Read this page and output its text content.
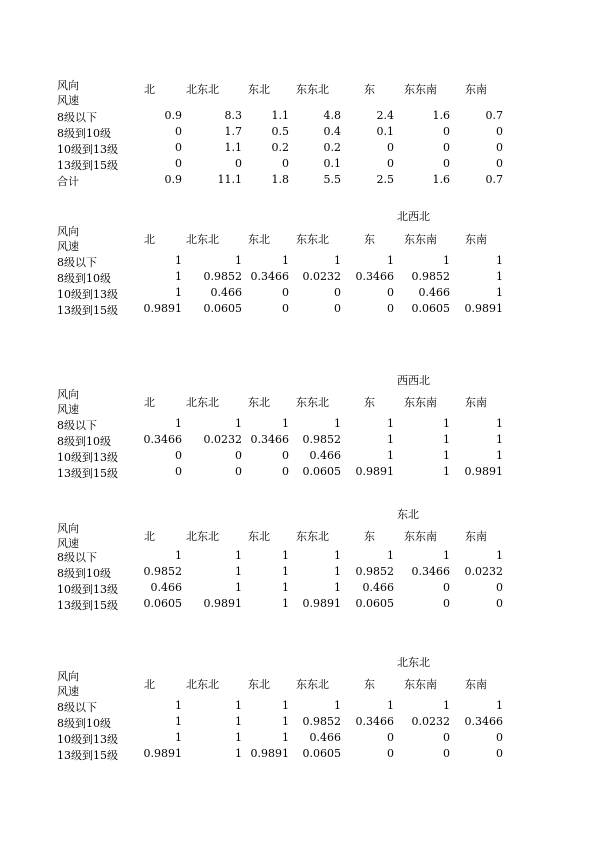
风向
风速
北	北东北	东北 东东北	东	东东南	东南
8级以下	0.9	8.3	1.1	4.8	2.4	1.6	0.7
8级到10级	0	1.7	0.5	0.4	0.1	0	0
10级到13级	0	1.1	0.2	0.2	0	0	0
13级到15级	0	0	0	0.1	0	0	0
合计	0.9	11.1	1.8	5.5	2.5	1.6	0.7
北西北
风向
风速
北	北东北	东北 东东北	东	东东南	东南
8级以下	1	1	1	1	1	1	1
8级到10级	1	0.9852 0.3466	0.0232	0.3466	0.9852	1
10级到13级	1	0.466	0	0	0	0.466	1
13级到15级	0.9891	0.0605	0	0	0	0.0605	0.9891
西西北
风向
风速
北	北东北	东北 东东北	东	东东南	东南
8级以下	1	1	1	1	1	1	1
8级到10级	0.3466	0.0232 0.3466	0.9852	1	1	1
10级到13级	0	0	0	0.466	1	1	1
13级到15级	0	0	0	0.0605	0.9891	1	0.9891
东北
风向
风速
北	北东北	东北 东东北	东	东东南	东南
8级以下	1	1	1	1	1	1	1
8级到10级	0.9852	1	1	1	0.9852	0.3466	0.0232
10级到13级	0.466	1	1	1	0.466	0	0
13级到15级	0.0605	0.9891	1	0.9891	0.0605	0	0
北东北
风向
风速
北	北东北	东北 东东北	东	东东南	东南
8级以下	1	1	1	1	1	1	1
8级到10级	1	1	1	0.9852	0.3466	0.0232	0.3466
10级到13级	1	1	1	0.466	0	0	0
13级到15级	0.9891	1 0.9891	0.0605	0	0	0
